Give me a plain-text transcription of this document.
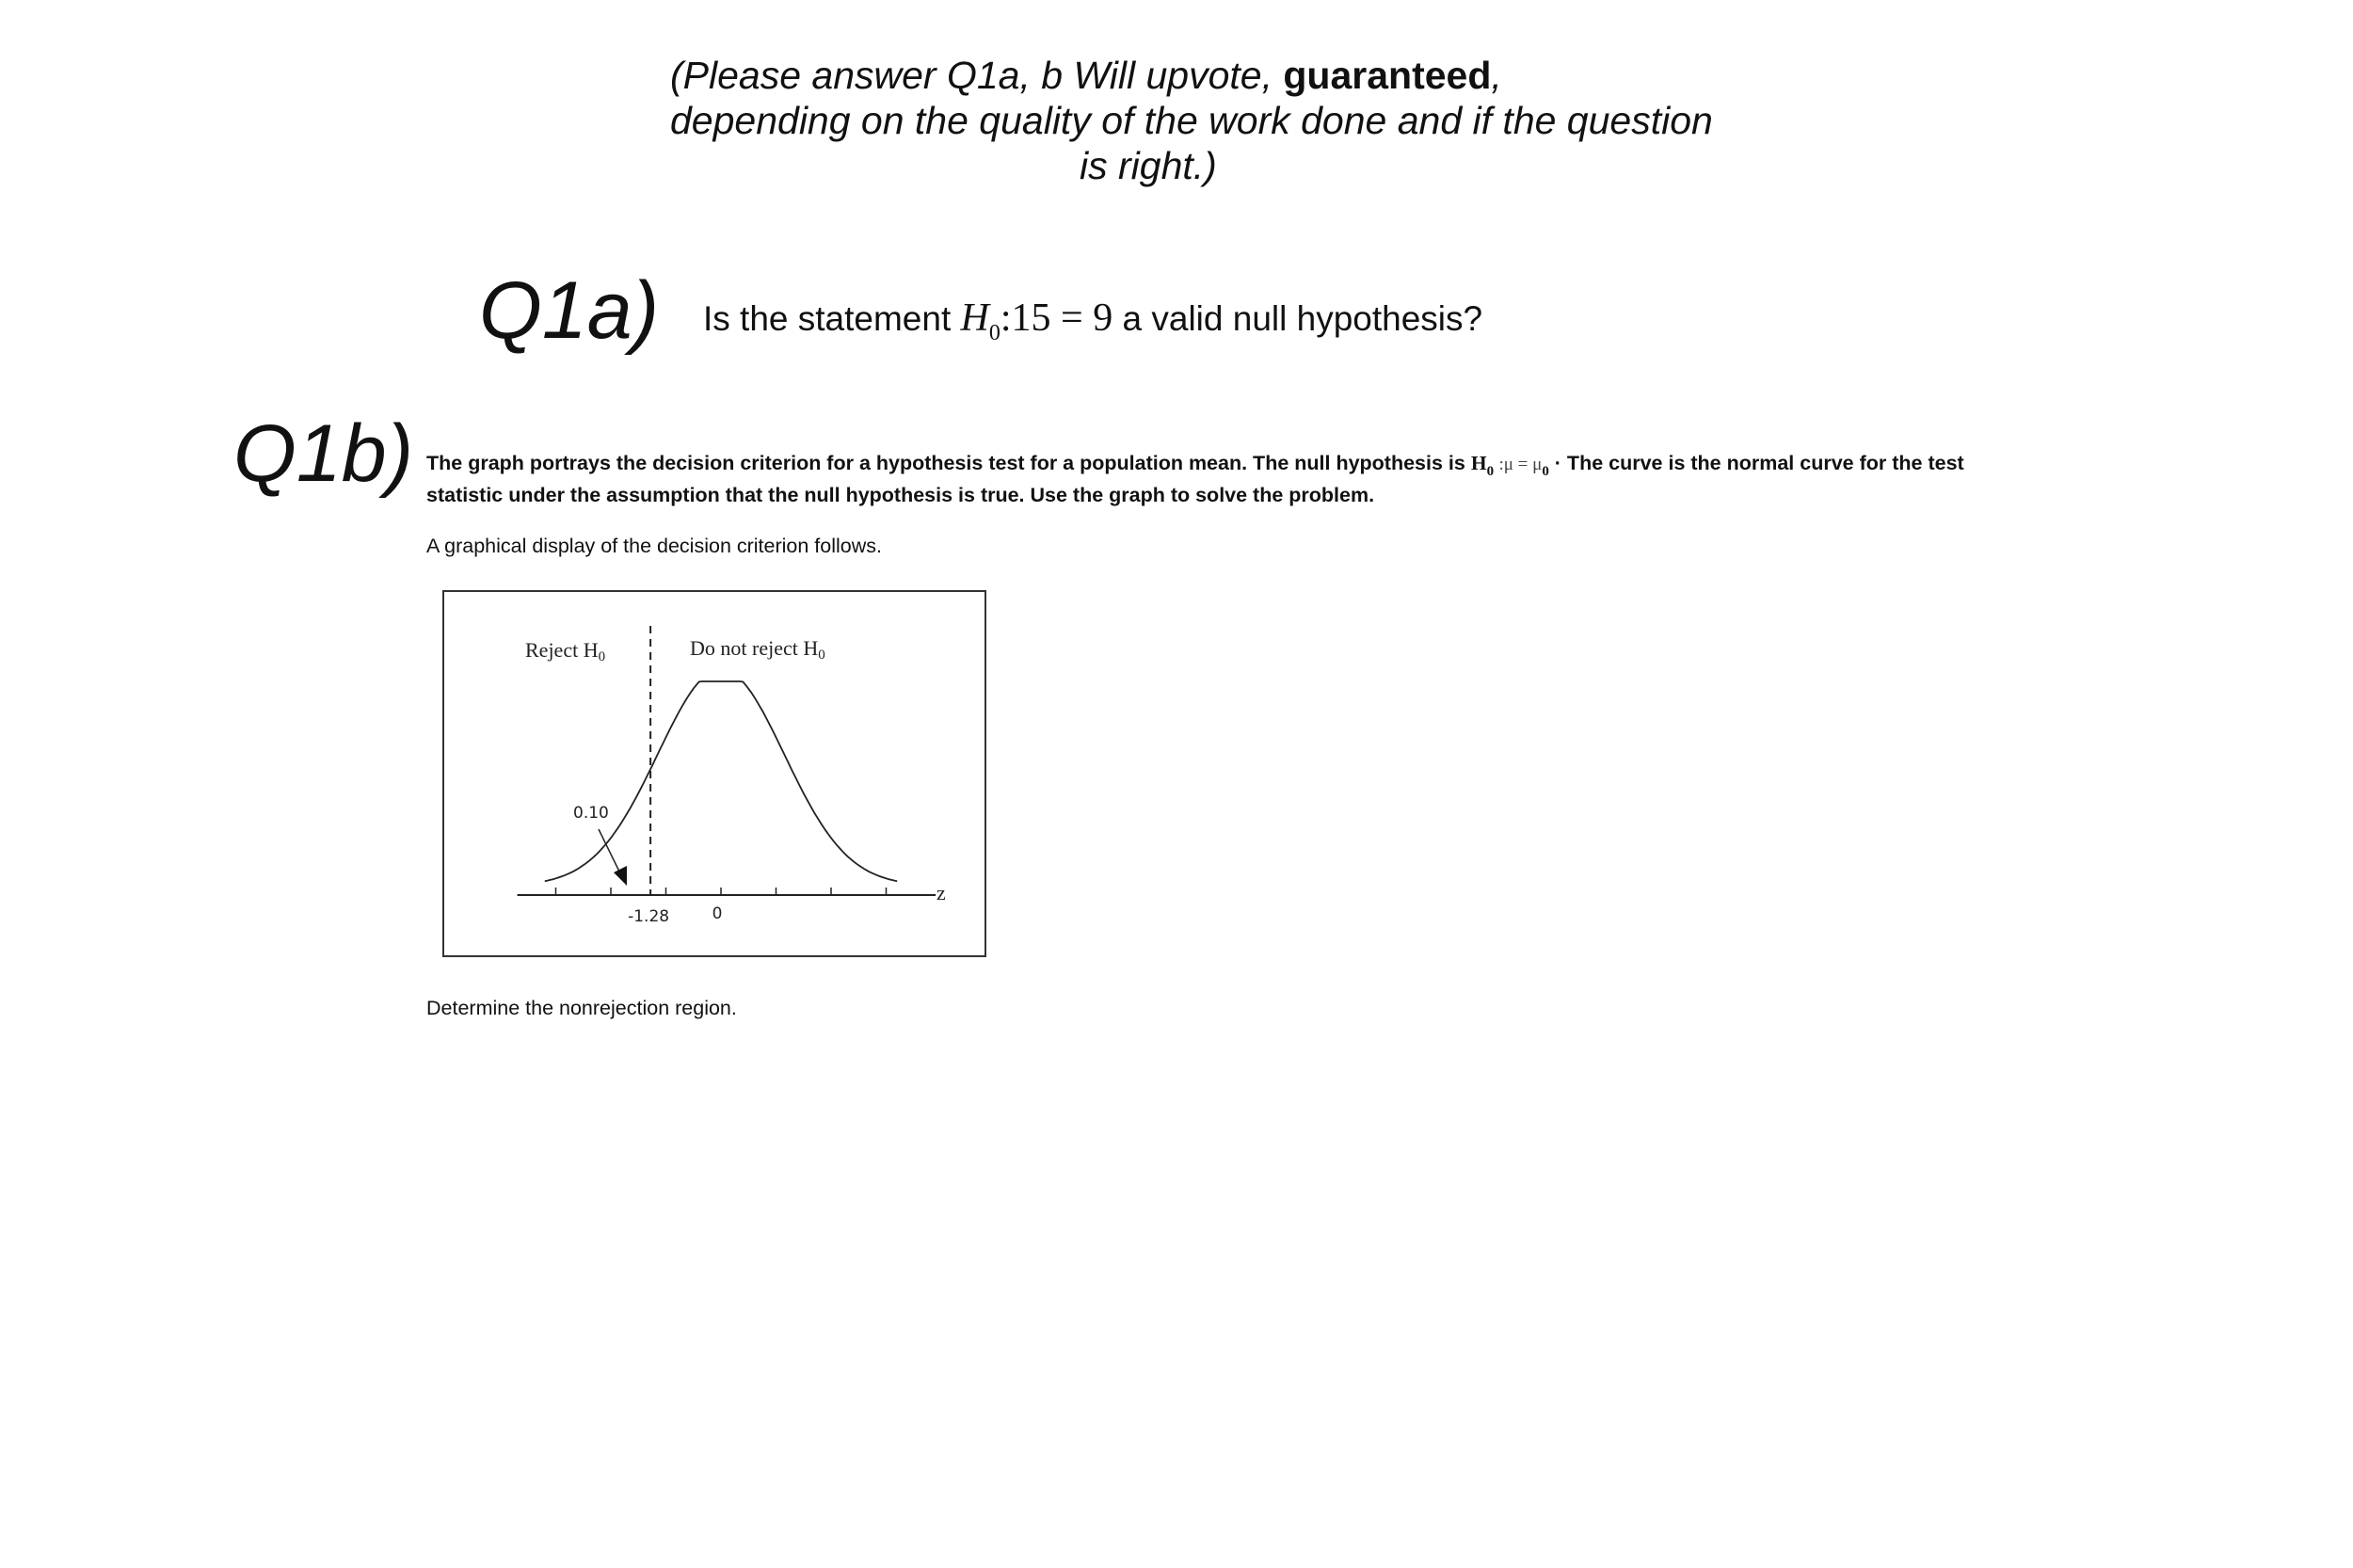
(Please answer Q1a, b Will upvote, guaranteed,
depending on the quality of the work done and if the question
is right.)
Q1a) Is the statement $H_0:15 = 9$ a valid null hypothesis?
Q1b) The graph portrays the decision criterion for a hypothesis test for a population mean. The null hypothesis is $H_0$ :μ = $\mu_0$ · The curve is the normal curve for the test
statistic under the assumption that the null hypothesis is true. Use the graph to solve the problem.
A graphical display of the decision criterion follows.
Reject H0	Do not reject H0
0.10
-1.28	0
z
Determine the nonrejection region.
